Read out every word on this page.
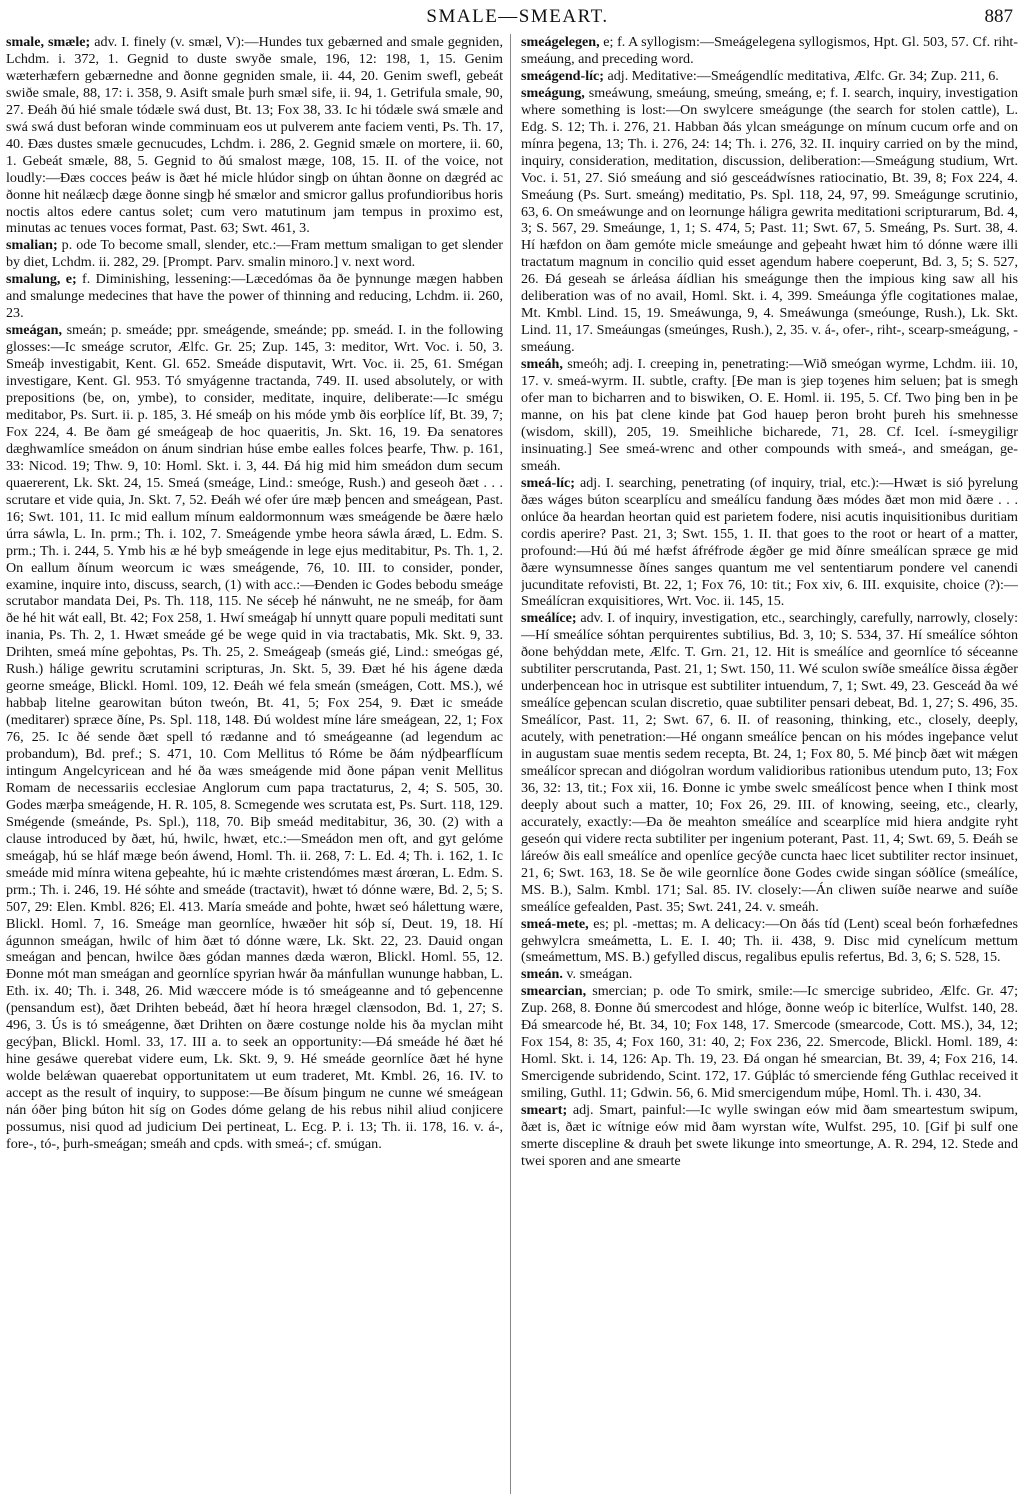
SMALE—SMEART.	887

smale, smæle; adv. I. finely (v. smæl, V):—Hundes tux gebærned and smale gegniden, Lchdm. i. 372, 1. Gegnid to duste swyðe smale, 196, 12: 198, 1, 15. Genim wæterhæfern gebærnedne and ðonne gegniden smale, ii. 44, 20. Genim swefl, gebeát swiðe smale, 88, 17: i. 358, 9. Asift smale þurh smæl sife, ii. 94, 1. Getrifula smale, 90, 27. Ðeáh ðú hié smale tódæle swá dust, Bt. 13; Fox 38, 33. Ic hi tódæle swá smæle and swá swá dust beforan winde comminuam eos ut pulverem ante faciem venti, Ps. Th. 17, 40. Ðæs dustes smæle gecnucudes, Lchdm. i. 286, 2. Gegnid smæle on mortere, ii. 60, 1. Gebeát smæle, 88, 5. Gegnid to ðú smalost mæge, 108, 15. II. of the voice, not loudly:—Ðæs cocces þeáw is ðæt hé micle hlúdor singþ on úhtan ðonne on dægréd ac ðonne hit neálæcþ dæge ðonne singþ hé smælor and smicror gallus profundioribus horis noctis altos edere cantus solet; cum vero matutinum jam tempus in proximo est, minutas ac tenues voces format, Past. 63; Swt. 461, 3.

smalian; p. ode To become small, slender, etc.:—Fram mettum smaligan to get slender by diet, Lchdm. ii. 282, 29. [Prompt. Parv. smalin minoro.] v. next word.

smalung, e; f. Diminishing, lessening:—Læcedómas ða ðe þynnunge mægen habben and smalunge medecines that have the power of thinning and reducing, Lchdm. ii. 260, 23.

smeágan, smeán; p. smeáde; ppr. smeágende, smeánde; pp. smeád. I. in the following glosses:—Ic smeáge scrutor, Ælfc. Gr. 25; Zup. 145, 3: meditor, Wrt. Voc. i. 50, 3. Smeáþ investigabit, Kent. Gl. 652. Smeáde disputavit, Wrt. Voc. ii. 25, 61. Smégan investigare, Kent. Gl. 953. Tó smyágenne tractanda, 749. II. used absolutely, or with prepositions (be, on, ymbe), to consider, meditate, inquire, deliberate:—Ic smégu meditabor, Ps. Surt. ii. p. 185, 3. Hé smeáþ on his móde ymb ðis eorþlíce líf, Bt. 39, 7; Fox 224, 4. Be ðam gé smeágeaþ de hoc quaeritis, Jn. Skt. 16, 19. Ða senatores dæghwamlíce smeádon on ánum sindrian húse embe ealles folces þearfe, Thw. p. 161, 33: Nicod. 19; Thw. 9, 10: Homl. Skt. i. 3, 44. Ðá hig mid him smeádon dum secum quaererent, Lk. Skt. 24, 15. Smeá (smeáge, Lind.: smeóge, Rush.) and geseoh ðæt . . . scrutare et vide quia, Jn. Skt. 7, 52. Ðeáh wé ofer úre mæþ þencen and smeágean, Past. 16; Swt. 101, 11. Ic mid eallum mínum ealdormonnum wæs smeágende be ðære hælo úrra sáwla, L. In. prm.; Th. i. 102, 7. Smeágende ymbe heora sáwla áræd, L. Edm. S. prm.; Th. i. 244, 5. Ymb his æ hé byþ smeágende in lege ejus meditabitur, Ps. Th. 1, 2. On eallum ðínum weorcum ic wæs smeágende, 76, 10. III. to consider, ponder, examine, inquire into, discuss, search, (1) with acc.:—Ðenden ic Godes bebodu smeáge scrutabor mandata Dei, Ps. Th. 118, 115. Ne séceþ hé nánwuht, ne ne smeáþ, for ðam ðe hé hit wát eall, Bt. 42; Fox 258, 1. Hwí smeágaþ hí unnytt quare populi meditati sunt inania, Ps. Th. 2, 1. Hwæt smeáde gé be wege quid in via tractabatis, Mk. Skt. 9, 33. Drihten, smeá míne geþohtas, Ps. Th. 25, 2. Smeágeaþ (smeás gié, Lind.: smeógas gé, Rush.) hálige gewritu scrutamini scripturas, Jn. Skt. 5, 39. Ðæt hé his ágene dæda georne smeáge, Blickl. Homl. 109, 12. Ðeáh wé fela smeán (smeágen, Cott. MS.), wé habbaþ litelne gearowitan búton tweón, Bt. 41, 5; Fox 254, 9. Ðæt ic smeáde (meditarer) spræce ðíne, Ps. Spl. 118, 148. Ðú woldest míne láre smeágean, 22, 1; Fox 76, 25. Ic ðé sende ðæt spell tó rædanne and tó smeágeanne (ad legendum ac probandum), Bd. pref.; S. 471, 10. Com Mellitus tó Róme be ðám nýdþearflícum intingum Angelcyricean and hé ða wæs smeágende mid ðone pápan venit Mellitus Romam de necessariis ecclesiae Anglorum cum papa tractaturus, 2, 4; S. 505, 30. Godes mærþa smeágende, H. R. 105, 8. Scmegende wes scrutata est, Ps. Surt. 118, 129. Smégende (smeánde, Ps. Spl.), 118, 70. Biþ smeád meditabitur, 36, 30. (2) with a clause introduced by ðæt, hú, hwilc, hwæt, etc.:—Smeádon men oft, and gyt gelóme smeágaþ, hú se hláf mæge beón áwend, Homl. Th. ii. 268, 7: L. Ed. 4; Th. i. 162, 1. Ic smeáde mid mínra witena geþeahte, hú ic mæhte cristendómes mæst árœran, L. Edm. S. prm.; Th. i. 246, 19. Hé sóhte and smeáde (tractavit), hwæt tó dónne wære, Bd. 2, 5; S. 507, 29: Elen. Kmbl. 826; El. 413. María smeáde and þohte, hwæt seó hálettung wære, Blickl. Homl. 7, 16. Smeáge man geornlíce, hwæðer hit sóþ sí, Deut. 19, 18. Hí águnnon smeágan, hwilc of him ðæt tó dónne wære, Lk. Skt. 22, 23. Dauid ongan smeágan and þencan, hwilce ðæs gódan mannes dæda wæron, Blickl. Homl. 55, 12. Ðonne mót man smeágan and geornlíce spyrian hwár ða mánfullan wununge habban, L. Eth. ix. 40; Th. i. 348, 26. Mid wæccere móde is tó smeágeanne and tó geþencenne (pensandum est), ðæt Drihten bebeád, ðæt hí heora hrægel clænsodon, Bd. 1, 27; S. 496, 3. Ús is tó smeágenne, ðæt Drihten on ðære costunge nolde his ða myclan miht gecýþan, Blickl. Homl. 33, 17. III a. to seek an opportunity:—Ðá smeáde hé ðæt hé hine gesáwe querebat videre eum, Lk. Skt. 9, 9. Hé smeáde geornlíce ðæt hé hyne wolde belǽwan quaerebat opportunitatem ut eum traderet, Mt. Kmbl. 26, 16. IV. to accept as the result of inquiry, to suppose:—Be ðísum þingum ne cunne wé smeágean nán óðer þing búton hit síg on Godes dóme gelang de his rebus nihil aliud conjicere possumus, nisi quod ad judicium Dei pertineat, L. Ecg. P. i. 13; Th. ii. 178, 16. v. á-, fore-, tó-, þurh-smeágan; smeáh and cpds. with smeá-; cf. smúgan.

smeágelegen, e; f. A syllogism:—Smeágelegena syllogismos, Hpt. Gl. 503, 57. Cf. riht-smeáung, and preceding word.

smeágend-líc; adj. Meditative:—Smeágendlíc meditativa, Ælfc. Gr. 34; Zup. 211, 6.

smeágung, smeáwung, smeáung, smeúng, smeáng, e; f. I. search, inquiry, investigation where something is lost:—On swylcere smeágunge (the search for stolen cattle), L. Edg. S. 12; Th. i. 276, 21. Habban ðás ylcan smeágunge on mínum cucum orfe and on mínra þegena, 13; Th. i. 276, 24: 14; Th. i. 276, 32. II. inquiry carried on by the mind, inquiry, consideration, meditation, discussion, deliberation:—Smeágung studium, Wrt. Voc. i. 51, 27. Sió smeáung and sió gesceádwísnes ratiocinatio, Bt. 39, 8; Fox 224, 4. Smeáung (Ps. Surt. smeáng) meditatio, Ps. Spl. 118, 24, 97, 99. Smeágunge scrutinio, 63, 6. On smeáwunge and on leornunge háligra gewrita meditationi scripturarum, Bd. 4, 3; S. 567, 29. Smeáunge, 1, 1; S. 474, 5; Past. 11; Swt. 67, 5. Smeáng, Ps. Surt. 38, 4. Hí hæfdon on ðam gemóte micle smeáunge and geþeaht hwæt him tó dónne wære illi tractatum magnum in concilio quid esset agendum habere coeperunt, Bd. 3, 5; S. 527, 26. Ðá geseah se árleása áídlian his smeágunge then the impious king saw all his deliberation was of no avail, Homl. Skt. i. 4, 399. Smeáunga ýfle cogitationes malae, Mt. Kmbl. Lind. 15, 19. Smeáwunga, 9, 4. Smeáwunga (smeóunge, Rush.), Lk. Skt. Lind. 11, 17. Smeáungas (smeúnges, Rush.), 2, 35. v. á-, ofer-, riht-, scearp-smeágung, -smeáung.

smeáh, smeóh; adj. I. creeping in, penetrating:—Wið smeógan wyrme, Lchdm. iii. 10, 17. v. smeá-wyrm. II. subtle, crafty. [Ðe man is ȝiep toȝenes him seluen; þat is smegh ofer man to bicharren and to biswiken, O. E. Homl. ii. 195, 5. Cf. Two þing ben in þe manne, on his þat clene kinde þat God hauep þeron broht þureh his smehnesse (wisdom, skill), 205, 19. Smeihliche bicharede, 71, 28. Cf. Icel. í-smeygiligr insinuating.] See smeá-wrenc and other compounds with smeá-, and smeágan, ge-smeáh.

smeá-líc; adj. I. searching, penetrating (of inquiry, trial, etc.):—Hwæt is sió þyrelung ðæs wáges búton scearplícu and smeálícu fandung ðæs módes ðæt mon mid ðære . . . onlúce ða heardan heortan quid est parietem fodere, nisi acutis inquisitionibus duritiam cordis aperire? Past. 21, 3; Swt. 155, 1. II. that goes to the root or heart of a matter, profound:—Hú ðú mé hæfst áfréfrode ǽgðer ge mid ðínre smeálícan spræce ge mid ðære wynsumnesse ðínes sanges quantum me vel sententiarum pondere vel canendi jucunditate refovisti, Bt. 22, 1; Fox 76, 10: tit.; Fox xiv, 6. III. exquisite, choice (?):—Smeálícran exquisitiores, Wrt. Voc. ii. 145, 15.

smeálíce; adv. I. of inquiry, investigation, etc., searchingly, carefully, narrowly, closely:—Hí smeálíce sóhtan perquirentes subtilius, Bd. 3, 10; S. 534, 37. Hí smeálíce sóhton ðone behýddan mete, Ælfc. T. Grn. 21, 12. Hit is smeálíce and geornlíce tó séceanne subtiliter perscrutanda, Past. 21, 1; Swt. 150, 11. Wé sculon swíðe smeálíce ðissa ǽgðer underþencean hoc in utrisque est subtiliter intuendum, 7, 1; Swt. 49, 23. Gesceád ða wé smeálíce geþencan sculan discretio, quae subtiliter pensari debeat, Bd. 1, 27; S. 496, 35. Smeálícor, Past. 11, 2; Swt. 67, 6. II. of reasoning, thinking, etc., closely, deeply, acutely, with penetration:—Hé ongann smeálíce þencan on his módes ingeþance velut in augustam suae mentis sedem recepta, Bt. 24, 1; Fox 80, 5. Mé þincþ ðæt wit mǽgen smeálícor sprecan and diógolran wordum validioribus rationibus utendum puto, 13; Fox 36, 32: 13, tit.; Fox xii, 16. Ðonne ic ymbe swelc smeálícost þence when I think most deeply about such a matter, 10; Fox 26, 29. III. of knowing, seeing, etc., clearly, accurately, exactly:—Ða ðe meahton smeálíce and scearplíce mid hiera andgite ryht geseón qui videre recta subtiliter per ingenium poterant, Past. 11, 4; Swt. 69, 5. Ðeáh se láreów ðis eall smeálíce and openlíce gecýðe cuncta haec licet subtiliter rector insinuet, 21, 6; Swt. 163, 18. Se ðe wile geornlíce ðone Godes cwide singan sóðlíce (smeálíce, MS. B.), Salm. Kmbl. 171; Sal. 85. IV. closely:—Án cliwen suíðe nearwe and suíðe smeálíce gefealden, Past. 35; Swt. 241, 24. v. smeáh.

smeá-mete, es; pl. -mettas; m. A delicacy:—On ðás tíd (Lent) sceal beón forhæfednes gehwylcra smeámetta, L. E. I. 40; Th. ii. 438, 9. Disc mid cynelícum mettum (smeámettum, MS. B.) gefylled discus, regalibus epulis refertus, Bd. 3, 6; S. 528, 15.

smeán. v. smeágan.

smearcian, smercian; p. ode To smirk, smile:—Ic smercige subrideo, Ælfc. Gr. 47; Zup. 268, 8. Ðonne ðú smercodest and hlóge, ðonne weóp ic biterlíce, Wulfst. 140, 28. Ðá smearcode hé, Bt. 34, 10; Fox 148, 17. Smercode (smearcode, Cott. MS.), 34, 12; Fox 154, 8: 35, 4; Fox 160, 31: 40, 2; Fox 236, 22. Smercode, Blickl. Homl. 189, 4: Homl. Skt. i. 14, 126: Ap. Th. 19, 23. Ðá ongan hé smearcian, Bt. 39, 4; Fox 216, 14. Smercigende subridendo, Scint. 172, 17. Gúþlác tó smerciende féng Guthlac received it smiling, Guthl. 11; Gdwin. 56, 6. Mid smercigendum múþe, Homl. Th. i. 430, 34.

smeart; adj. Smart, painful:—Ic wylle swingan eów mid ðam smeartestum swipum, ðæt is, ðæt ic wítnige eów mid ðam wyrstan wíte, Wulfst. 295, 10. [Gif þi sulf one smerte discepline & drauh þet swete likunge into smeortunge, A. R. 294, 12. Stede and twei sporen and ane smearte
